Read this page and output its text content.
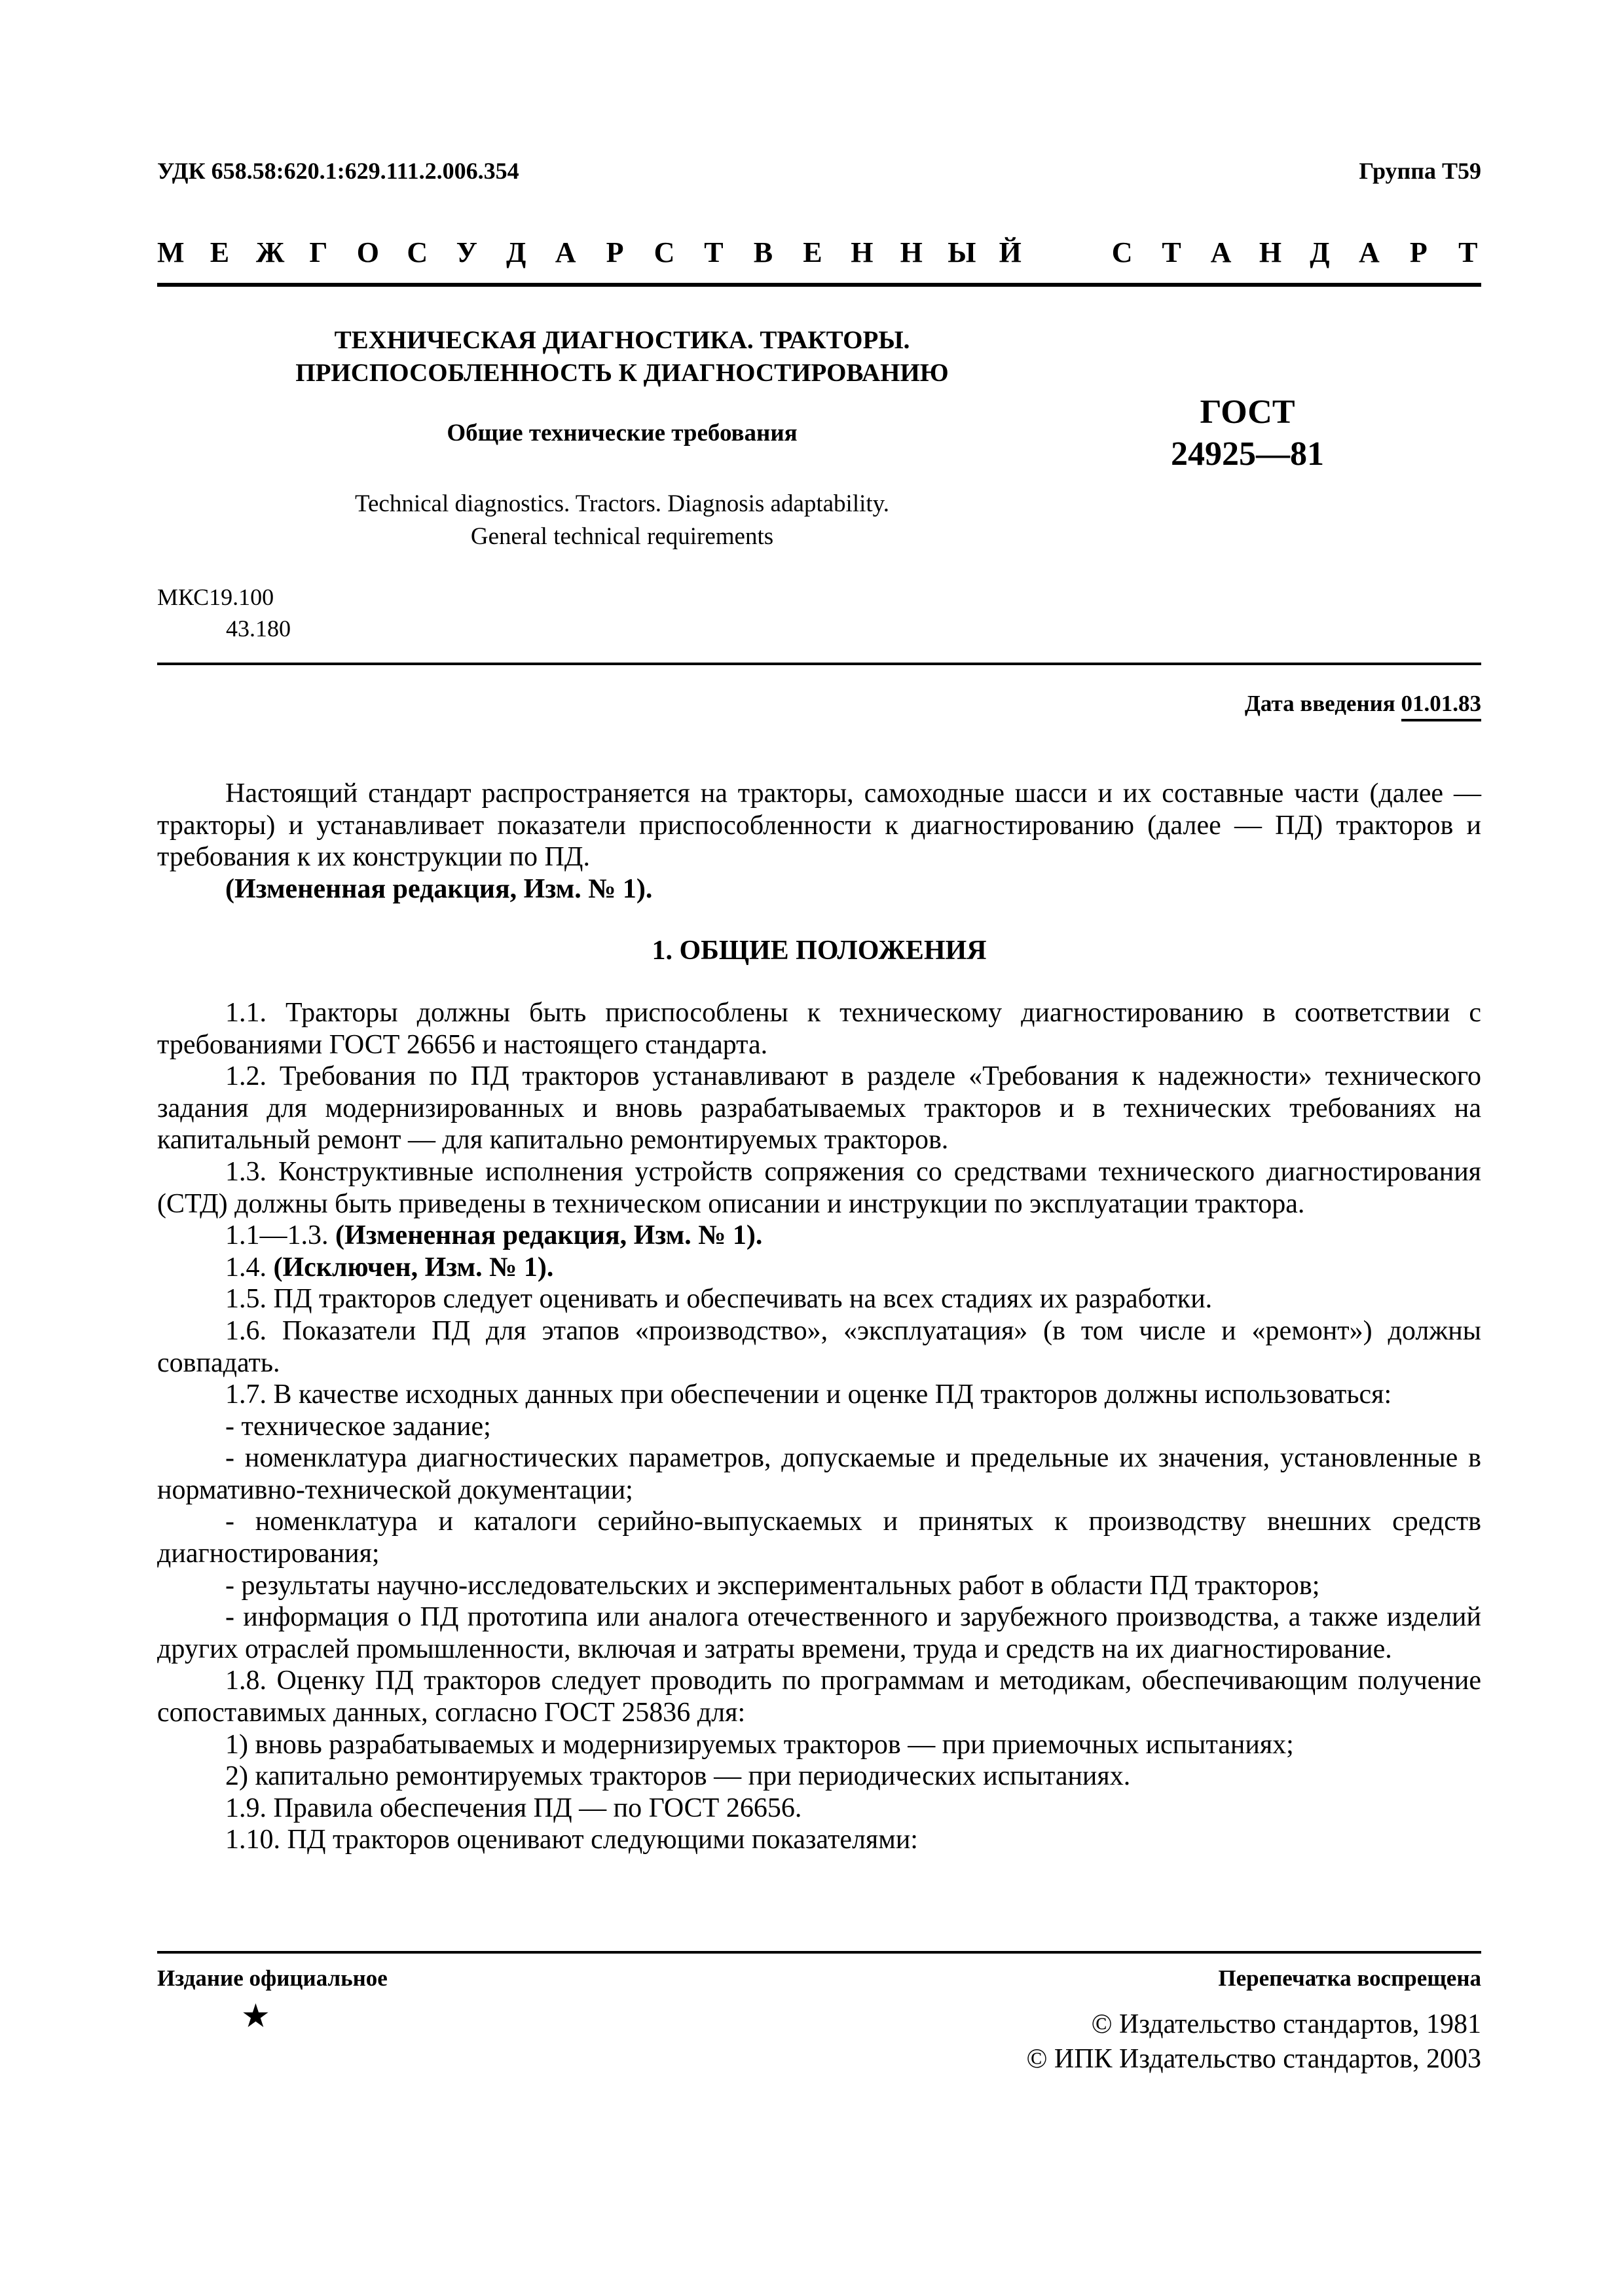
УДК 658.58:620.1:629.111.2.006.354	Группа Т59
М Е Ж Г О С У Д А Р С Т В Е Н Н Ы Й	С Т А Н Д А Р Т
ТЕХНИЧЕСКАЯ ДИАГНОСТИКА. ТРАКТОРЫ.
ПРИСПОСОБЛЕННОСТЬ К ДИАГНОСТИРОВАНИЮ
Общие технические требования
Technical diagnostics. Tractors. Diagnosis adaptability.
General technical requirements
ГОСТ
24925—81
МКС19.100
43.180
Дата введения 01.01.83

Настоящий стандарт распространяется на тракторы, самоходные шасси и их составные части (далее — тракторы) и устанавливает показатели приспособленности к диагностированию (далее — ПД) тракторов и требования к их конструкции по ПД.

(Измененная редакция, Изм. № 1).

1. ОБЩИЕ ПОЛОЖЕНИЯ

1.1. Тракторы должны быть приспособлены к техническому диагностированию в соответствии с требованиями ГОСТ 26656 и настоящего стандарта.

1.2. Требования по ПД тракторов устанавливают в разделе «Требования к надежности» технического задания для модернизированных и вновь разрабатываемых тракторов и в технических требованиях на капитальный ремонт — для капитально ремонтируемых тракторов.

1.3. Конструктивные исполнения устройств сопряжения со средствами технического диагностирования (СТД) должны быть приведены в техническом описании и инструкции по эксплуатации трактора.

1.1—1.3. (Измененная редакция, Изм. № 1).

1.4. (Исключен, Изм. № 1).

1.5. ПД тракторов следует оценивать и обеспечивать на всех стадиях их разработки.

1.6. Показатели ПД для этапов «производство», «эксплуатация» (в том числе и «ремонт») должны совпадать.

1.7. В качестве исходных данных при обеспечении и оценке ПД тракторов должны использоваться:

- техническое задание;

- номенклатура диагностических параметров, допускаемые и предельные их значения, установленные в нормативно-технической документации;

- номенклатура и каталоги серийно-выпускаемых и принятых к производству внешних средств диагностирования;

- результаты научно-исследовательских и экспериментальных работ в области ПД тракторов;

- информация о ПД прототипа или аналога отечественного и зарубежного производства, а также изделий других отраслей промышленности, включая и затраты времени, труда и средств на их диагностирование.

1.8. Оценку ПД тракторов следует проводить по программам и методикам, обеспечивающим получение сопоставимых данных, согласно ГОСТ 25836 для:

1) вновь разрабатываемых и модернизируемых тракторов — при приемочных испытаниях;

2) капитально ремонтируемых тракторов — при периодических испытаниях.

1.9. Правила обеспечения ПД — по ГОСТ 26656.

1.10. ПД тракторов оценивают следующими показателями:

Издание официальное	Перепечатка воспрещена
★	© Издательство стандартов, 1981
© ИПК Издательство стандартов, 2003
